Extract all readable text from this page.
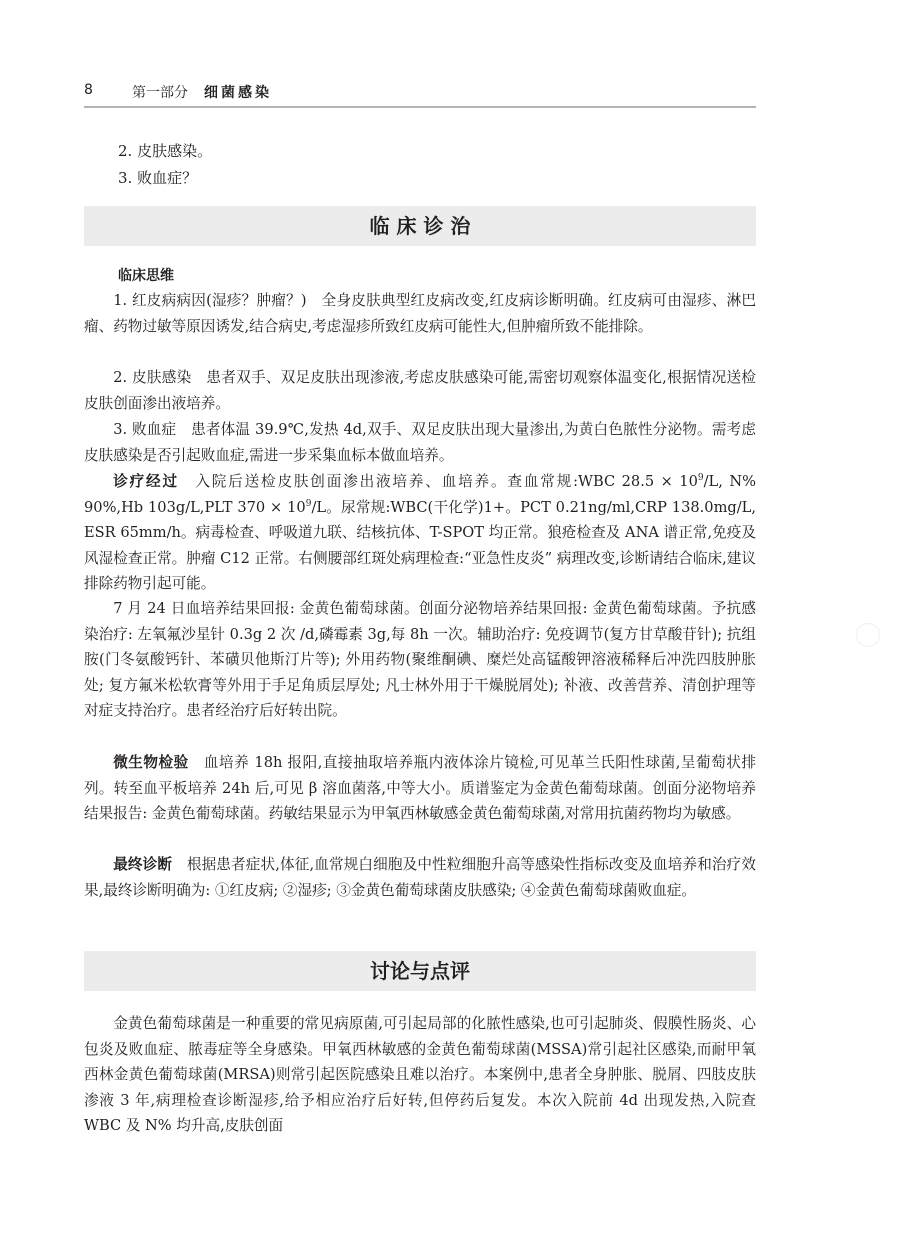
8	第一部分 细菌感染
2. 皮肤感染。
3. 败血症？
临 床 诊 治
临床思维
1. 红皮病病因(湿疹？肿瘤？)　全身皮肤典型红皮病改变,红皮病诊断明确。红皮病可由湿疹、淋巴瘤、药物过敏等原因诱发,结合病史,考虑湿疹所致红皮病可能性大,但肿瘤所致不能排除。
2. 皮肤感染　患者双手、双足皮肤出现渗液,考虑皮肤感染可能,需密切观察体温变化,根据情况送检皮肤创面渗出液培养。
3. 败血症　患者体温 39.9℃,发热 4d,双手、双足皮肤出现大量渗出,为黄白色脓性分泌物。需考虑皮肤感染是否引起败血症,需进一步采集血标本做血培养。
诊疗经过　入院后送检皮肤创面渗出液培养、血培养。查血常规:WBC $28.5 \times 10^9/L$, N% 90%,Hb 103g/L,PLT $370 \times 10^9/L$。尿常规:WBC(干化学)1+。PCT 0.21ng/ml,CRP 138.0mg/L, ESR 65mm/h。病毒检查、呼吸道九联、结核抗体、T-SPOT 均正常。狼疮检查及 ANA 谱正常,免疫及风湿检查正常。肿瘤 C12 正常。右侧腰部红斑处病理检查:“亚急性皮炎” 病理改变,诊断请结合临床,建议排除药物引起可能。
7 月 24 日血培养结果回报: 金黄色葡萄球菌。创面分泌物培养结果回报: 金黄色葡萄球菌。予抗感染治疗: 左氧氟沙星针 0.3g 2 次 /d,磷霉素 3g,每 8h 一次。辅助治疗: 免疫调节(复方甘草酸苷针); 抗组胺(门冬氨酸钙针、苯磺贝他斯汀片等); 外用药物(聚维酮碘、糜烂处高锰酸钾溶液稀释后冲洗四肢肿胀处; 复方氟米松软膏等外用于手足角质层厚处; 凡士林外用于干燥脱屑处); 补液、改善营养、清创护理等对症支持治疗。患者经治疗后好转出院。
微生物检验　血培养 18h 报阳,直接抽取培养瓶内液体涂片镜检,可见革兰氏阳性球菌,呈葡萄状排列。转至血平板培养 24h 后,可见 β 溶血菌落,中等大小。质谱鉴定为金黄色葡萄球菌。创面分泌物培养结果报告: 金黄色葡萄球菌。药敏结果显示为甲氧西林敏感金黄色葡萄球菌,对常用抗菌药物均为敏感。
最终诊断　根据患者症状,体征,血常规白细胞及中性粒细胞升高等感染性指标改变及血培养和治疗效果,最终诊断明确为: ①红皮病; ②湿疹; ③金黄色葡萄球菌皮肤感染; ④金黄色葡萄球菌败血症。
讨论与点评
金黄色葡萄球菌是一种重要的常见病原菌,可引起局部的化脓性感染,也可引起肺炎、假膜性肠炎、心包炎及败血症、脓毒症等全身感染。甲氧西林敏感的金黄色葡萄球菌(MSSA)常引起社区感染,而耐甲氧西林金黄色葡萄球菌(MRSA)则常引起医院感染且难以治疗。本案例中,患者全身肿胀、脱屑、四肢皮肤渗液 3 年,病理检查诊断湿疹,给予相应治疗后好转,但停药后复发。本次入院前 4d 出现发热,入院查 WBC 及 N% 均升高,皮肤创面
